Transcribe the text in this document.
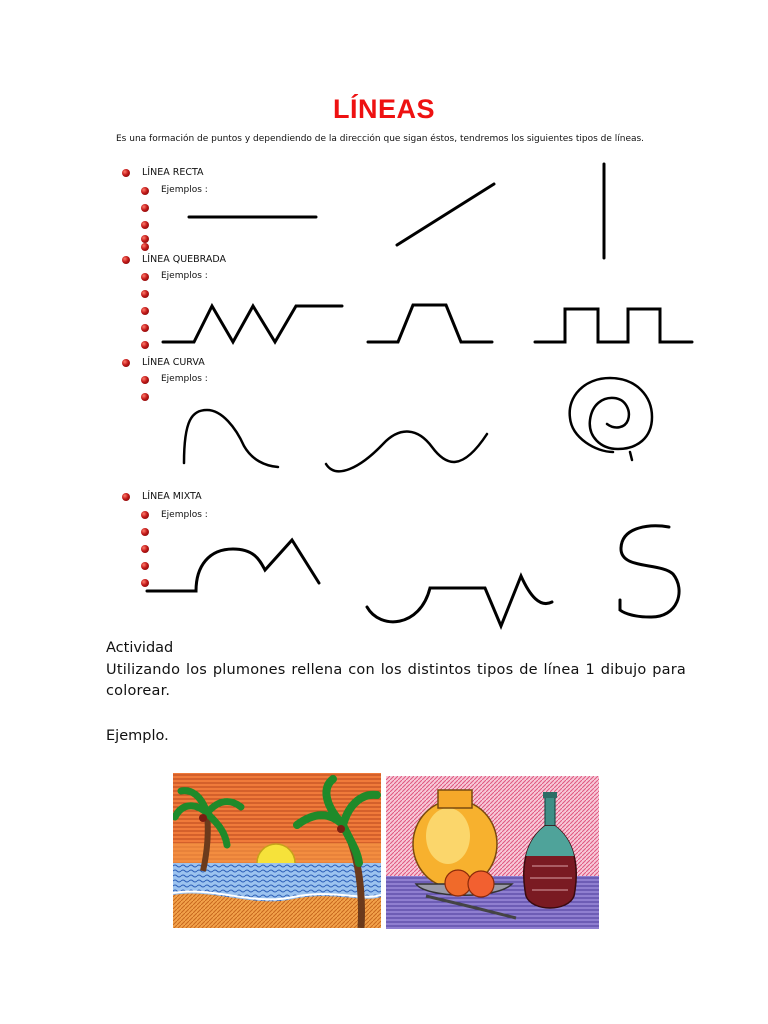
LÍNEAS
Es una formación de puntos y dependiendo de la dirección que sigan éstos, tendremos los siguientes tipos de líneas.
LÍNEA RECTA
Ejemplos :
LÍNEA QUEBRADA
Ejemplos :
LÍNEA CURVA
Ejemplos :
LÍNEA MIXTA
Ejemplos :
Actividad
Utilizando los plumones rellena con los distintos tipos de línea 1 dibujo para colorear.
Ejemplo.
